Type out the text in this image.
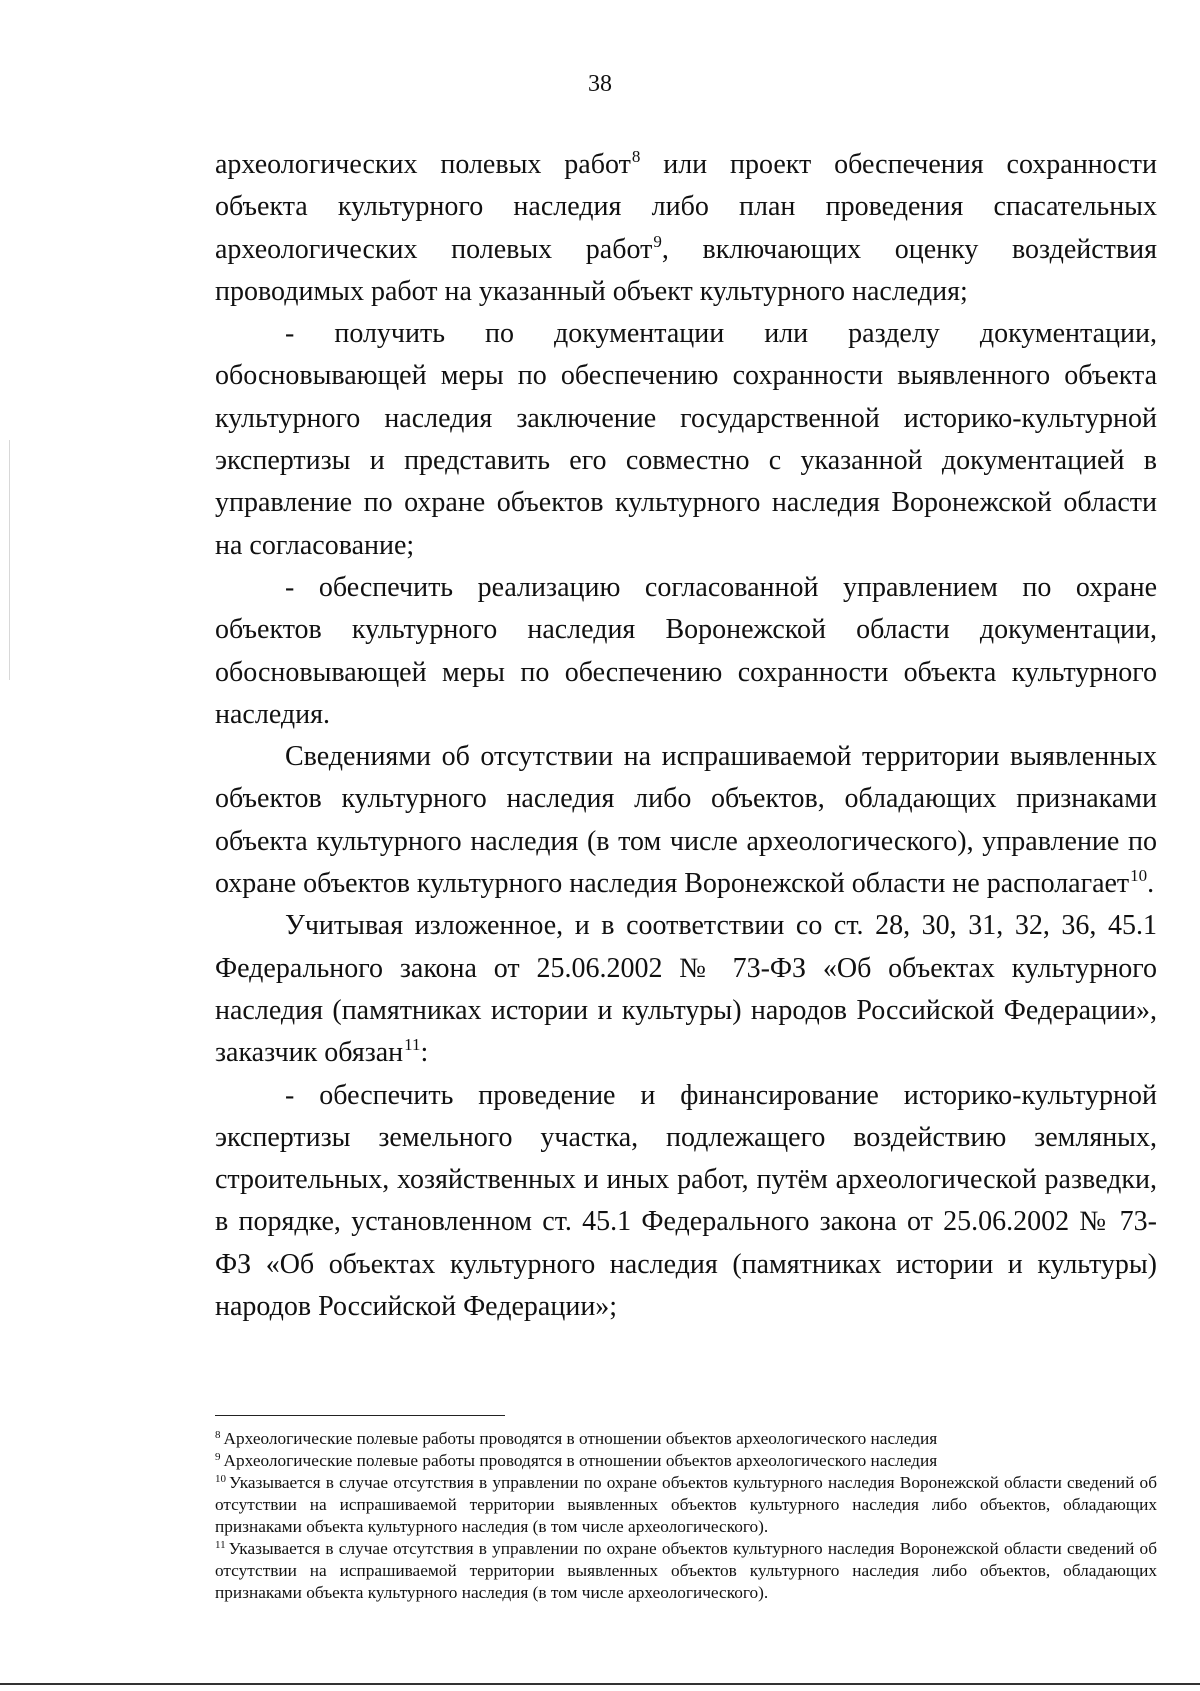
38

археологических полевых работ$^8$ или проект обеспечения сохранности объекта культурного наследия либо план проведения спасательных археологических полевых работ$^9$, включающих оценку воздействия проводимых работ на указанный объект культурного наследия;

- получить по документации или разделу документации, обосновывающей меры по обеспечению сохранности выявленного объекта культурного наследия заключение государственной историко-культурной экспертизы и представить его совместно с указанной документацией в управление по охране объектов культурного наследия Воронежской области на согласование;

- обеспечить реализацию согласованной управлением по охране объектов культурного наследия Воронежской области документации, обосновывающей меры по обеспечению сохранности объекта культурного наследия.

Сведениями об отсутствии на испрашиваемой территории выявленных объектов культурного наследия либо объектов, обладающих признаками объекта культурного наследия (в том числе археологического), управление по охране объектов культурного наследия Воронежской области не располагает$^{10}$.

Учитывая изложенное, и в соответствии со ст. 28, 30, 31, 32, 36, 45.1 Федерального закона от 25.06.2002 № 73-ФЗ «Об объектах культурного наследия (памятниках истории и культуры) народов Российской Федерации», заказчик обязан$^{11}$:

- обеспечить проведение и финансирование историко-культурной экспертизы земельного участка, подлежащего воздействию земляных, строительных, хозяйственных и иных работ, путём археологической разведки, в порядке, установленном ст. 45.1 Федерального закона от 25.06.2002 № 73-ФЗ «Об объектах культурного наследия (памятниках истории и культуры) народов Российской Федерации»;

$^8$ Археологические полевые работы проводятся в отношении объектов археологического наследия

$^9$ Археологические полевые работы проводятся в отношении объектов археологического наследия

$^{10}$ Указывается в случае отсутствия в управлении по охране объектов культурного наследия Воронежской области сведений об отсутствии на испрашиваемой территории выявленных объектов культурного наследия либо объектов, обладающих признаками объекта культурного наследия (в том числе археологического).

$^{11}$ Указывается в случае отсутствия в управлении по охране объектов культурного наследия Воронежской области сведений об отсутствии на испрашиваемой территории выявленных объектов культурного наследия либо объектов, обладающих признаками объекта культурного наследия (в том числе археологического).
